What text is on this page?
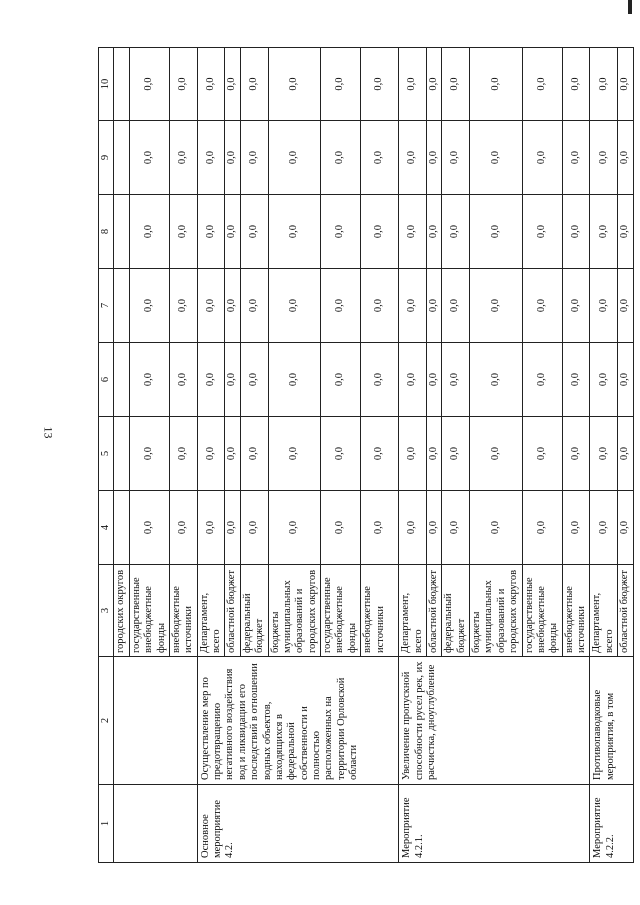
13
1	2	3	4	5	6	7	8	9	10
		городских округов							
		государственные внебюджетные фонды	0,0	0,0	0,0	0,0	0,0	0,0	0,0
		внебюджетные источники	0,0	0,0	0,0	0,0	0,0	0,0	0,0
Основное мероприятие 4.2.	Осуществление мер по предотвращению негативного воздействия вод и ликвидации его последствий в отношении водных объектов, находящихся в федеральной собственности и полностью расположенных на территории Орловской области	Департамент, всего	0,0	0,0	0,0	0,0	0,0	0,0	0,0
		областной бюджет	0,0	0,0	0,0	0,0	0,0	0,0	0,0
		федеральный бюджет	0,0	0,0	0,0	0,0	0,0	0,0	0,0
		бюджеты муниципальных образований и городских округов	0,0	0,0	0,0	0,0	0,0	0,0	0,0
		государственные внебюджетные фонды	0,0	0,0	0,0	0,0	0,0	0,0	0,0
		внебюджетные источники	0,0	0,0	0,0	0,0	0,0	0,0	0,0
Мероприятие 4.2.1.	Увеличение пропускной способности русел рек, их расчистка, дноуглубление	Департамент, всего	0,0	0,0	0,0	0,0	0,0	0,0	0,0
		областной бюджет	0,0	0,0	0,0	0,0	0,0	0,0	0,0
		федеральный бюджет	0,0	0,0	0,0	0,0	0,0	0,0	0,0
		бюджеты муниципальных образований и городских округов	0,0	0,0	0,0	0,0	0,0	0,0	0,0
		государственные внебюджетные фонды	0,0	0,0	0,0	0,0	0,0	0,0	0,0
		внебюджетные источники	0,0	0,0	0,0	0,0	0,0	0,0	0,0
Мероприятие 4.2.2.	Противопаводковые мероприятия, в том	Департамент, всего	0,0	0,0	0,0	0,0	0,0	0,0	0,0
		областной бюджет	0,0	0,0	0,0	0,0	0,0	0,0	0,0
